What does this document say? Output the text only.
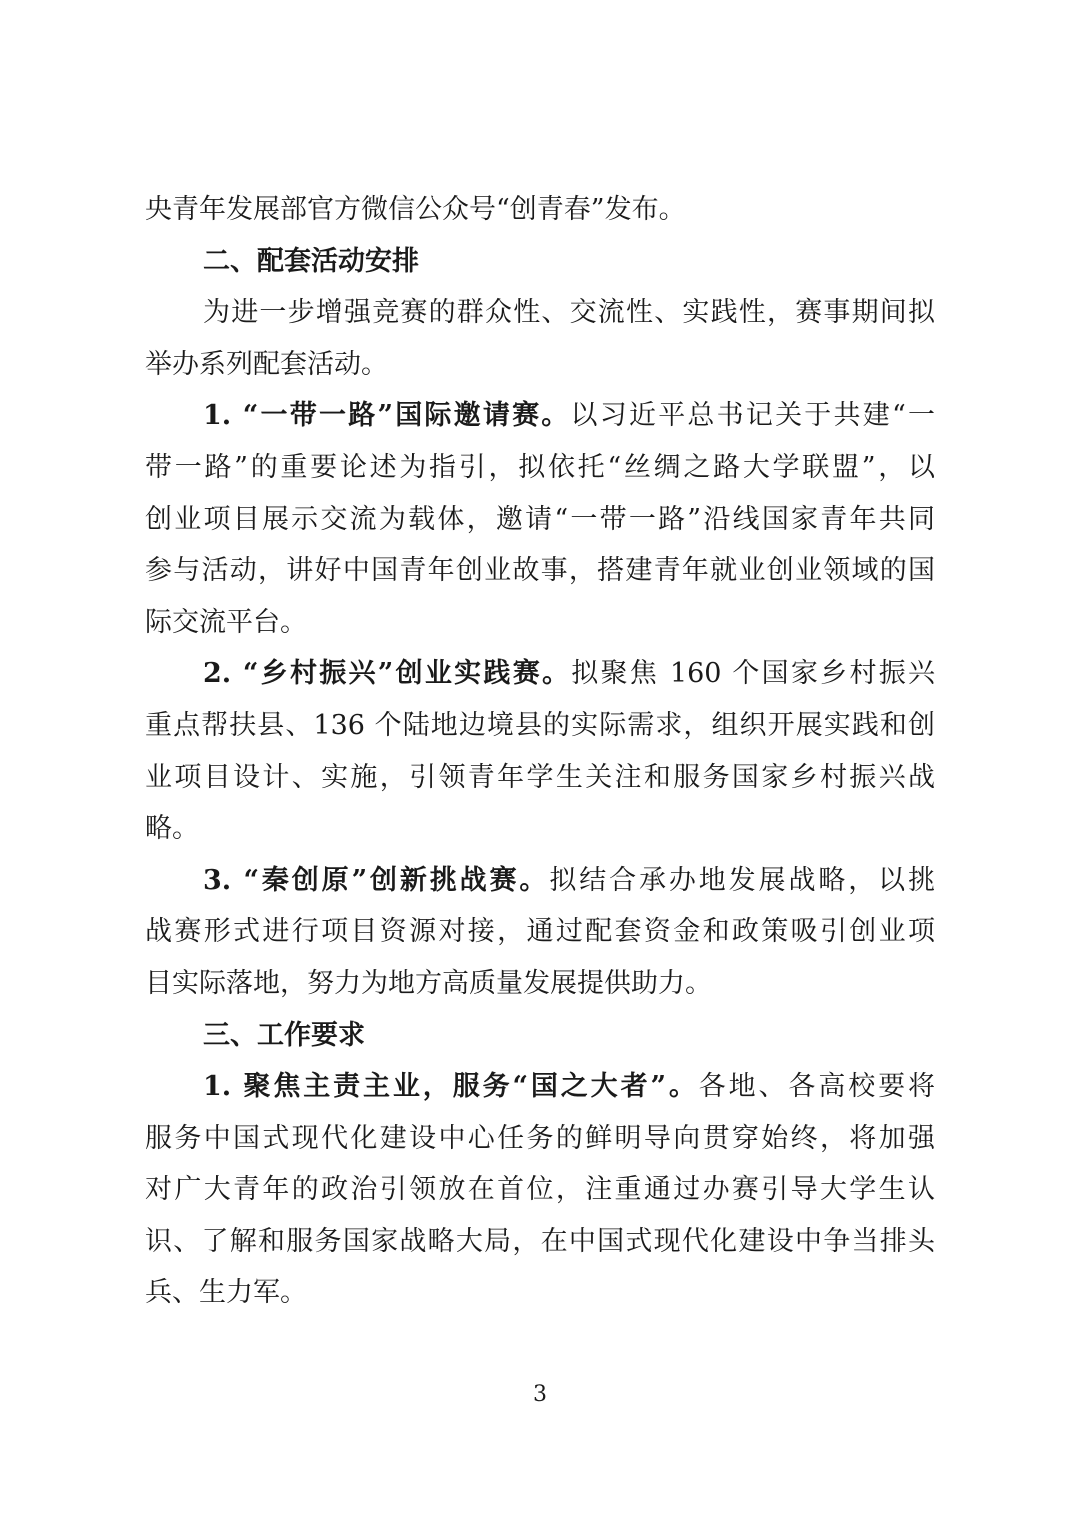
央青年发展部官方微信公众号“创青春”发布。
二、配套活动安排
为进一步增强竞赛的群众性、交流性、实践性，赛事期间拟
举办系列配套活动。
1. “一带一路”国际邀请赛。以习近平总书记关于共建“一
带一路”的重要论述为指引，拟依托“丝绸之路大学联盟”，以
创业项目展示交流为载体，邀请“一带一路”沿线国家青年共同
参与活动，讲好中国青年创业故事，搭建青年就业创业领域的国
际交流平台。
2. “乡村振兴”创业实践赛。拟聚焦 160 个国家乡村振兴
重点帮扶县、136 个陆地边境县的实际需求，组织开展实践和创
业项目设计、实施，引领青年学生关注和服务国家乡村振兴战
略。
3. “秦创原”创新挑战赛。拟结合承办地发展战略，以挑
战赛形式进行项目资源对接，通过配套资金和政策吸引创业项
目实际落地，努力为地方高质量发展提供助力。
三、工作要求
1. 聚焦主责主业，服务“国之大者”。各地、各高校要将
服务中国式现代化建设中心任务的鲜明导向贯穿始终，将加强
对广大青年的政治引领放在首位，注重通过办赛引导大学生认
识、了解和服务国家战略大局，在中国式现代化建设中争当排头
兵、生力军。
3
